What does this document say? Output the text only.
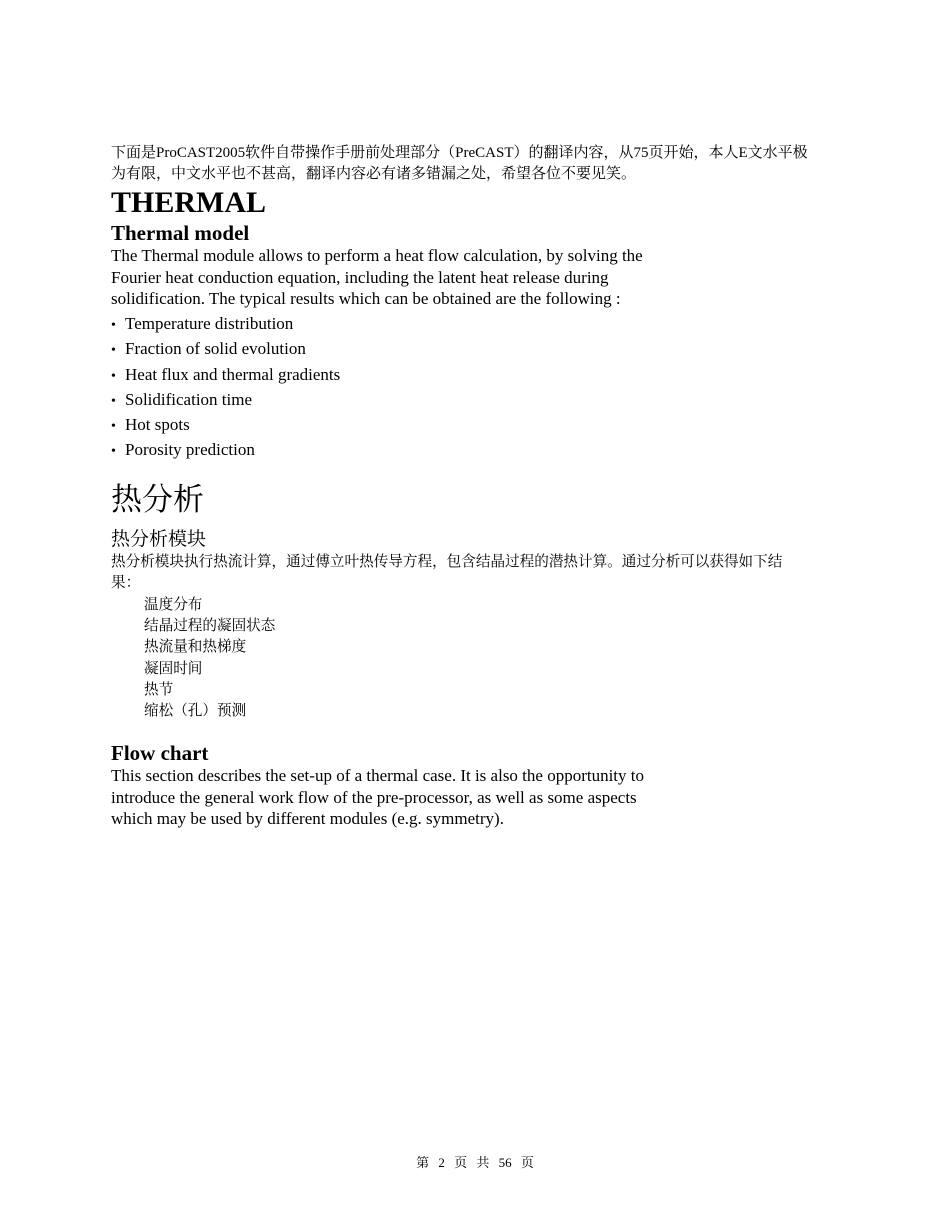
下面是ProCAST2005软件自带操作手册前处理部分（PreCAST）的翻译内容，从75页开始，本人E文水平极
为有限，中文水平也不甚高，翻译内容必有诸多错漏之处，希望各位不要见笑。

THERMAL
Thermal model

The Thermal module allows to perform a heat flow calculation, by solving the
Fourier heat conduction equation, including the latent heat release during
solidification. The typical results which can be obtained are the following :

• Temperature distribution
• Fraction of solid evolution
• Heat flux and thermal gradients
• Solidification time
• Hot spots
• Porosity prediction
热分析
热分析模块

热分析模块执行热流计算，通过傅立叶热传导方程，包含结晶过程的潜热计算。通过分析可以获得如下结
果：

温度分布
结晶过程的凝固状态
热流量和热梯度
凝固时间
热节
缩松（孔）预测
Flow chart

This section describes the set-up of a thermal case. It is also the opportunity to
introduce the general work flow of the pre-processor, as well as some aspects
which may be used by different modules (e.g. symmetry).

第 2 页 共 56 页
